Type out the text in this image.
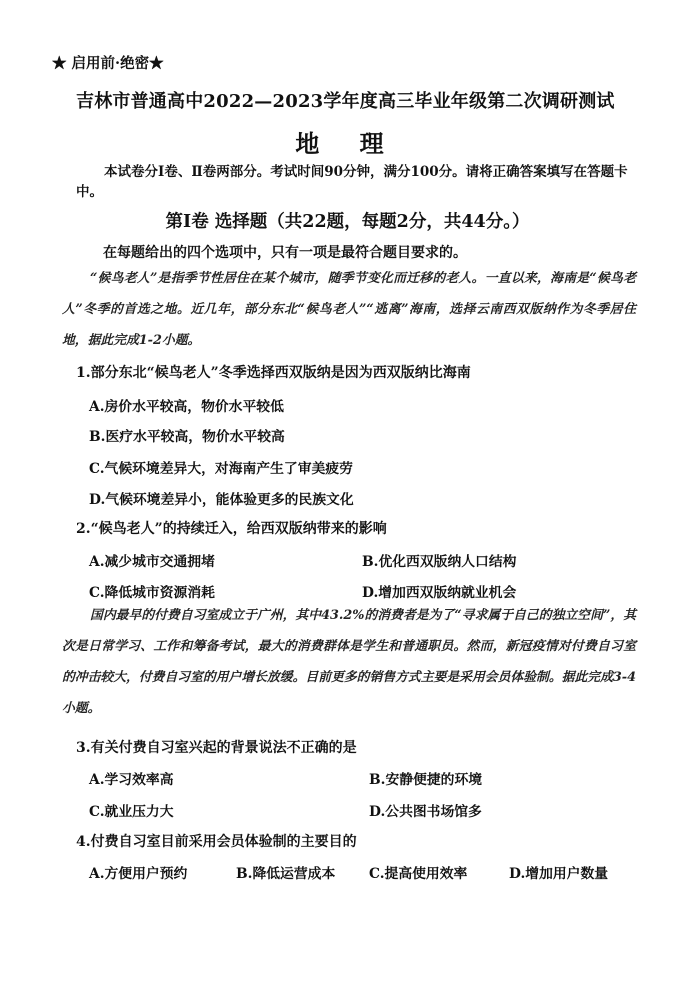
★ 启用前·绝密★
吉林市普通高中2022—2023学年度高三毕业年级第二次调研测试
地 理
本试卷分Ⅰ卷、Ⅱ卷两部分。考试时间90分钟，满分100分。请将正确答案填写在答题卡中。
第Ⅰ卷 选择题（共22题，每题2分，共44分。）
在每题给出的四个选项中，只有一项是最符合题目要求的。
“候鸟老人”是指季节性居住在某个城市，随季节变化而迁移的老人。一直以来，海南是“候鸟老人”冬季的首选之地。近几年，部分东北“候鸟老人”“逃离”海南，选择云南西双版纳作为冬季居住地，据此完成1-2小题。
1.部分东北“候鸟老人”冬季选择西双版纳是因为西双版纳比海南
A.房价水平较高，物价水平较低
B.医疗水平较高，物价水平较高
C.气候环境差异大，对海南产生了审美疲劳
D.气候环境差异小，能体验更多的民族文化
2.“候鸟老人”的持续迁入，给西双版纳带来的影响
A.减少城市交通拥堵	B.优化西双版纳人口结构
C.降低城市资源消耗	D.增加西双版纳就业机会
国内最早的付费自习室成立于广州，其中43.2%的消费者是为了“寻求属于自己的独立空间”，其次是日常学习、工作和筹备考试，最大的消费群体是学生和普通职员。然而，新冠疫情对付费自习室的冲击较大，付费自习室的用户增长放缓。目前更多的销售方式主要是采用会员体验制。据此完成3-4小题。
3.有关付费自习室兴起的背景说法不正确的是
A.学习效率高	B.安静便捷的环境
C.就业压力大	D.公共图书场馆多
4.付费自习室目前采用会员体验制的主要目的
A.方便用户预约	B.降低运营成本 C.提高使用效率	D.增加用户数量
